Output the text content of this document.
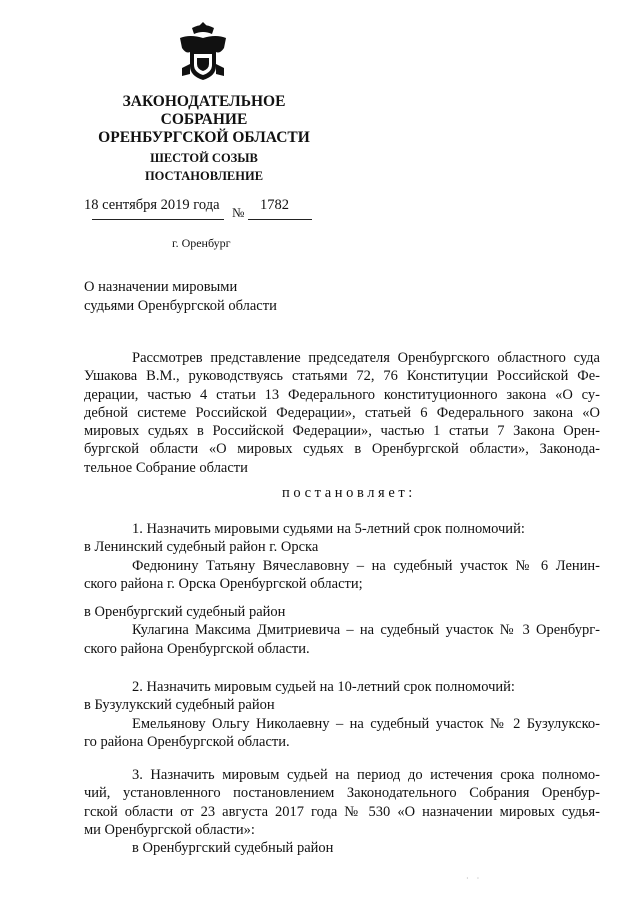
ЗАКОНОДАТЕЛЬНОЕ
СОБРАНИЕ
ОРЕНБУРГСКОЙ ОБЛАСТИ
ШЕСТОЙ СОЗЫВ
ПОСТАНОВЛЕНИЕ
18 сентября 2019 года № 1782
г. Оренбург
О назначении мировыми
судьями Оренбургской области
Рассмотрев представление председателя Оренбургского областного суда
Ушакова В.М., руководствуясь статьями 72, 76 Конституции Российской Фе-
дерации, частью 4 статьи 13 Федерального конституционного закона «О су-
дебной системе Российской Федерации», статьей 6 Федерального закона «О
мировых судьях в Российской Федерации», частью 1 статьи 7 Закона Орен-
бургской области «О мировых судьях в Оренбургской области», Законода-
тельное Собрание области
постановляет:
1. Назначить мировыми судьями на 5-летний срок полномочий:
в Ленинский судебный район г. Орска
Федюнину Татьяну Вячеславовну – на судебный участок № 6 Ленин-
ского района г. Орска Оренбургской области;
в Оренбургский судебный район
Кулагина Максима Дмитриевича – на судебный участок № 3 Оренбург-
ского района Оренбургской области.
2. Назначить мировым судьей на 10-летний срок полномочий:
в Бузулукский судебный район
Емельянову Ольгу Николаевну – на судебный участок № 2 Бузулукско-
го района Оренбургской области.
3. Назначить мировым судьей на период до истечения срока полномо-
чий, установленного постановлением Законодательного Собрания Оренбур-
гской области от 23 августа 2017 года № 530 «О назначении мировых судья-
ми Оренбургской области»:
в Оренбургский судебный район
· ·
